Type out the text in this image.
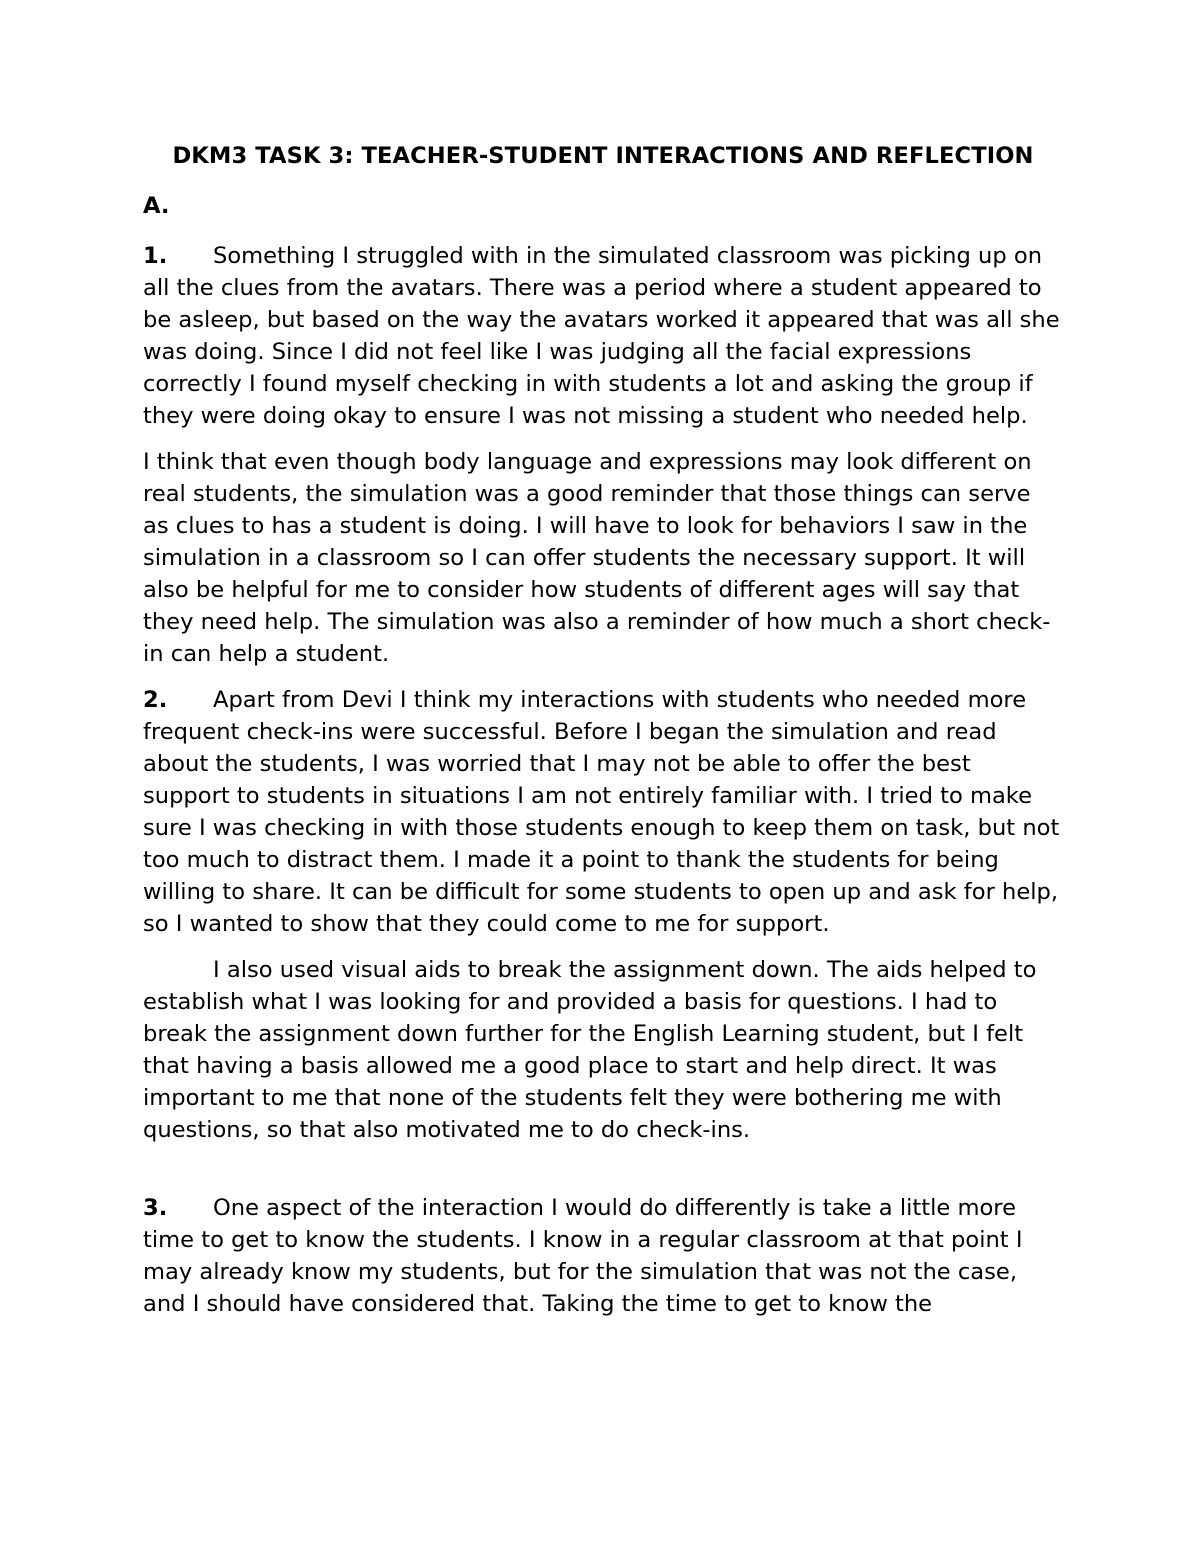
DKM3 TASK 3: TEACHER-STUDENT INTERACTIONS AND REFLECTION
A.

1. Something I struggled with in the simulated classroom was picking up on all the clues from the avatars. There was a period where a student appeared to be asleep, but based on the way the avatars worked it appeared that was all she was doing. Since I did not feel like I was judging all the facial expressions correctly I found myself checking in with students a lot and asking the group if they were doing okay to ensure I was not missing a student who needed help.

I think that even though body language and expressions may look different on real students, the simulation was a good reminder that those things can serve as clues to has a student is doing. I will have to look for behaviors I saw in the simulation in a classroom so I can offer students the necessary support. It will also be helpful for me to consider how students of different ages will say that they need help. The simulation was also a reminder of how much a short check-in can help a student.

2. Apart from Devi I think my interactions with students who needed more frequent check-ins were successful. Before I began the simulation and read about the students, I was worried that I may not be able to offer the best support to students in situations I am not entirely familiar with. I tried to make sure I was checking in with those students enough to keep them on task, but not too much to distract them. I made it a point to thank the students for being willing to share. It can be difficult for some students to open up and ask for help, so I wanted to show that they could come to me for support.

I also used visual aids to break the assignment down. The aids helped to establish what I was looking for and provided a basis for questions. I had to break the assignment down further for the English Learning student, but I felt that having a basis allowed me a good place to start and help direct. It was important to me that none of the students felt they were bothering me with questions, so that also motivated me to do check-ins.

3. One aspect of the interaction I would do differently is take a little more time to get to know the students. I know in a regular classroom at that point I may already know my students, but for the simulation that was not the case, and I should have considered that. Taking the time to get to know the
